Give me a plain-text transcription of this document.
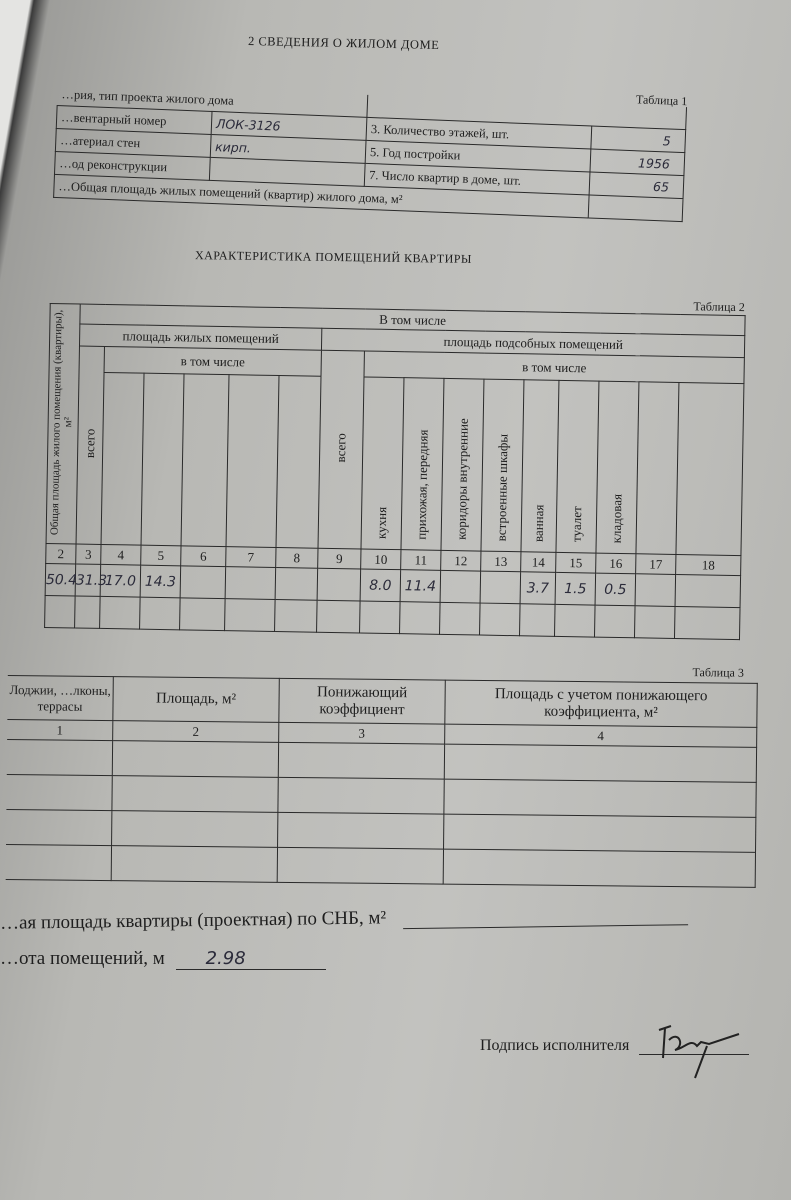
2 СВЕДЕНИЯ О ЖИЛОМ ДОМЕ
Таблица 1
…рия, тип проекта жилого дома			
…вентарный номер	ЛОК-3126	3. Количество этажей, шт.	5
…атериал стен	кирп.	5. Год постройки	1956
…од реконструкции		7. Число квартир в доме, шт.	65
…Общая площадь жилых помещений (квартир) жилого дома, м²			
ХАРАКТЕРИСТИКА ПОМЕЩЕНИЙ КВАРТИРЫ
Таблица 2
Общая площадь жилого помещения (квартиры), м²	В том числе															
	площадь жилых помещений						площадь подсобных помещений									
	всего	в том числе					всего	в том числе								
								кухня	прихожая, передняя	коридоры внутренние	встроенные шкафы	ванная	туалет	кладовая		
2	3	4	5	6	7	8	9	10	11	12	13	14	15	16	17	18
50.4	31.3	17.0	14.3					8.0	11.4			3.7	1.5	0.5		

Таблица 3
Лоджии, …лконы, террасы	Площадь, м²	Понижающий коэффициент	Площадь с учетом понижающего коэффициента, м²
1	2	3	4

…ая площадь квартиры (проектная) по СНБ, м²
…ота помещений, м 2.98
Подпись исполнителя
